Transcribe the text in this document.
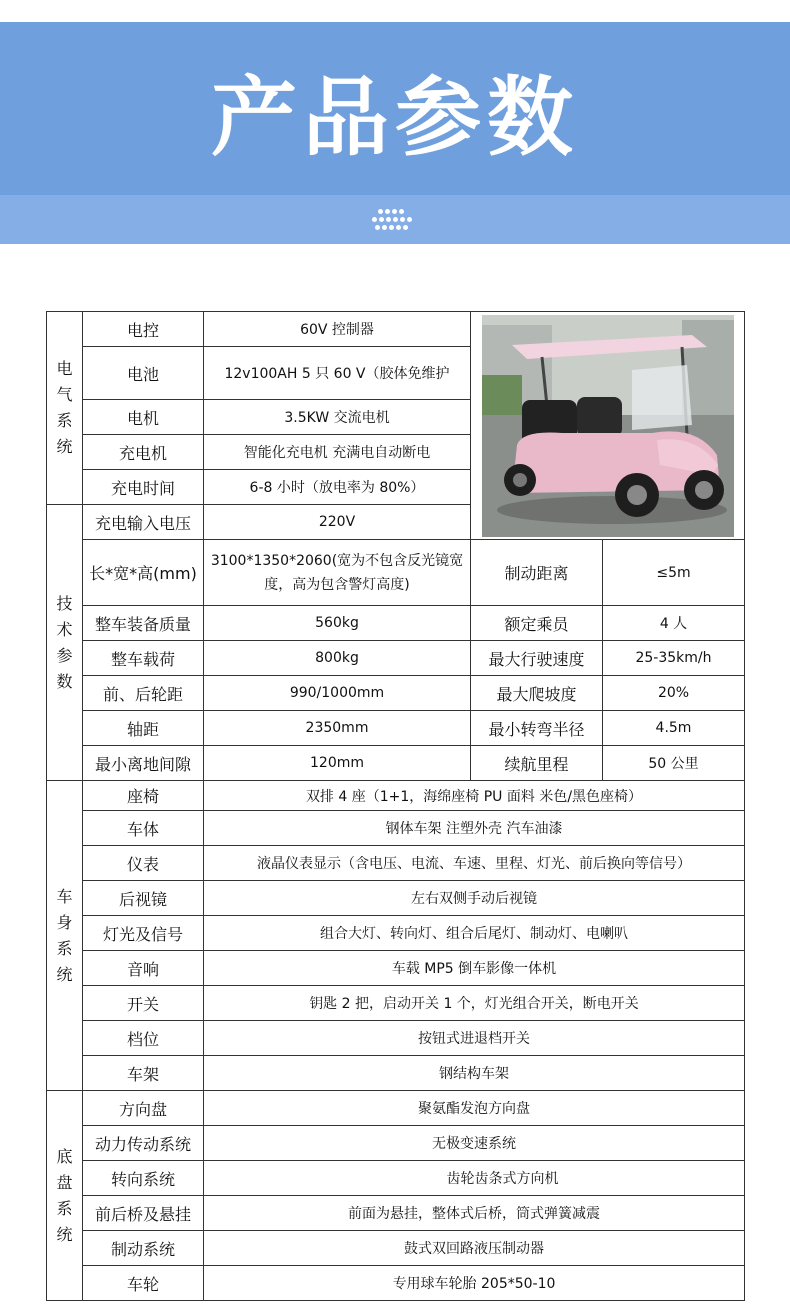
产品参数
电
气
系
统	电控	60V 控制器	

	电池	12v100AH 5 只 60 V（胶体免维护		
	电机	3.5KW 交流电机		
	充电机	智能化充电机 充满电自动断电		
	充电时间	6-8 小时（放电率为 80%）		

技
术
参
数	充电输入电压	220V		
	长*宽*高(mm)	3100*1350*2060(宽为不包含反光镜宽度，高为包含警灯高度)	制动距离	≤5m
	整车装备质量	560kg	额定乘员	4 人
	整车载荷	800kg	最大行驶速度	25-35km/h
	前、后轮距	990/1000mm	最大爬坡度	20%
	轴距	2350mm	最小转弯半径	4.5m
	最小离地间隙	120mm	续航里程	50 公里

车
身
系
统	座椅	双排 4 座（1+1，海绵座椅 PU 面料 米色/黑色座椅）		
	车体	钢体车架 注塑外壳 汽车油漆		
	仪表	液晶仪表显示（含电压、电流、车速、里程、灯光、前后换向等信号）		
	后视镜	左右双侧手动后视镜		
	灯光及信号	组合大灯、转向灯、组合后尾灯、制动灯、电喇叭		
	音响	车载 MP5 倒车影像一体机		
	开关	钥匙 2 把，启动开关 1 个，灯光组合开关，断电开关		
	档位	按钮式进退档开关		
	车架	钢结构车架		

底
盘
系
统	方向盘	聚氨酯发泡方向盘		
	动力传动系统	无极变速系统		
	转向系统	齿轮齿条式方向机		
	前后桥及悬挂	前面为悬挂，整体式后桥，筒式弹簧减震		
	制动系统	鼓式双回路液压制动器		
	车轮	专用球车轮胎 205*50-10		
